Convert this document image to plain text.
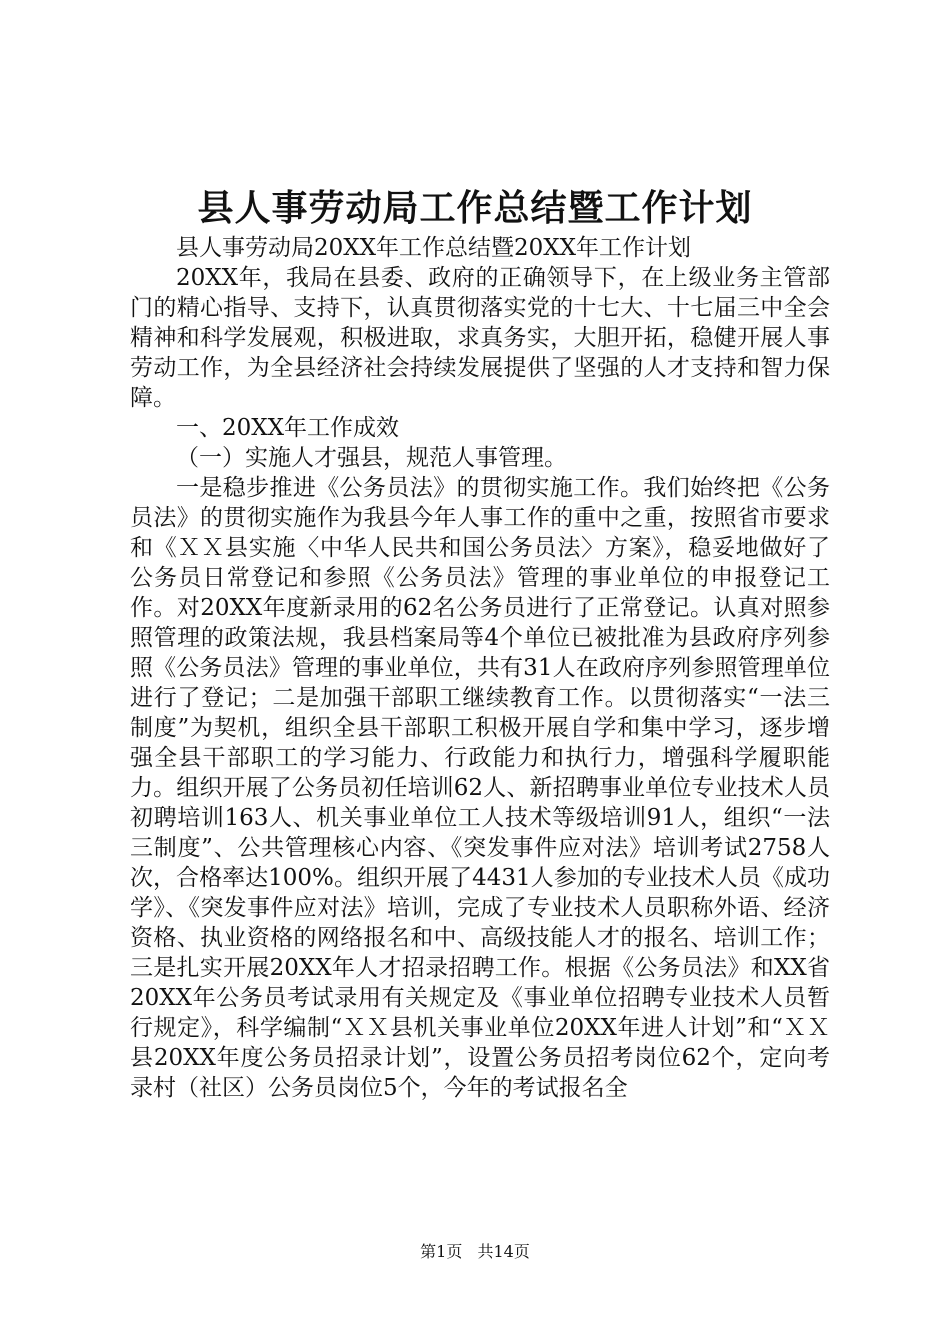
县人事劳动局工作总结暨工作计划

县人事劳动局20XX年工作总结暨20XX年工作计划

20XX年，我局在县委、政府的正确领导下，在上级业务主管部门的精心指导、支持下，认真贯彻落实党的十七大、十七届三中全会精神和科学发展观，积极进取，求真务实，大胆开拓，稳健开展人事劳动工作，为全县经济社会持续发展提供了坚强的人才支持和智力保障。

一、20XX年工作成效

（一）实施人才强县，规范人事管理。

一是稳步推进《公务员法》的贯彻实施工作。我们始终把《公务员法》的贯彻实施作为我县今年人事工作的重中之重，按照省市要求和《ＸＸ县实施〈中华人民共和国公务员法〉方案》，稳妥地做好了公务员日常登记和参照《公务员法》管理的事业单位的申报登记工作。对20XX年度新录用的62名公务员进行了正常登记。认真对照参照管理的政策法规，我县档案局等4个单位已被批准为县政府序列参照《公务员法》管理的事业单位，共有31人在政府序列参照管理单位进行了登记；二是加强干部职工继续教育工作。以贯彻落实“一法三制度”为契机，组织全县干部职工积极开展自学和集中学习，逐步增强全县干部职工的学习能力、行政能力和执行力，增强科学履职能力。组织开展了公务员初任培训62人、新招聘事业单位专业技术人员初聘培训163人、机关事业单位工人技术等级培训91人，组织“一法三制度”、公共管理核心内容、《突发事件应对法》培训考试2758人次，合格率达100%。组织开展了4431人参加的专业技术人员《成功学》、《突发事件应对法》培训，完成了专业技术人员职称外语、经济资格、执业资格的网络报名和中、高级技能人才的报名、培训工作；三是扎实开展20XX年人才招录招聘工作。根据《公务员法》和XX省20XX年公务员考试录用有关规定及《事业单位招聘专业技术人员暂行规定》，科学编制“ＸＸ县机关事业单位20XX年进人计划”和“ＸＸ县20XX年度公务员招录计划”，设置公务员招考岗位62个，定向考录村（社区）公务员岗位5个，今年的考试报名全

第1页 共14页
